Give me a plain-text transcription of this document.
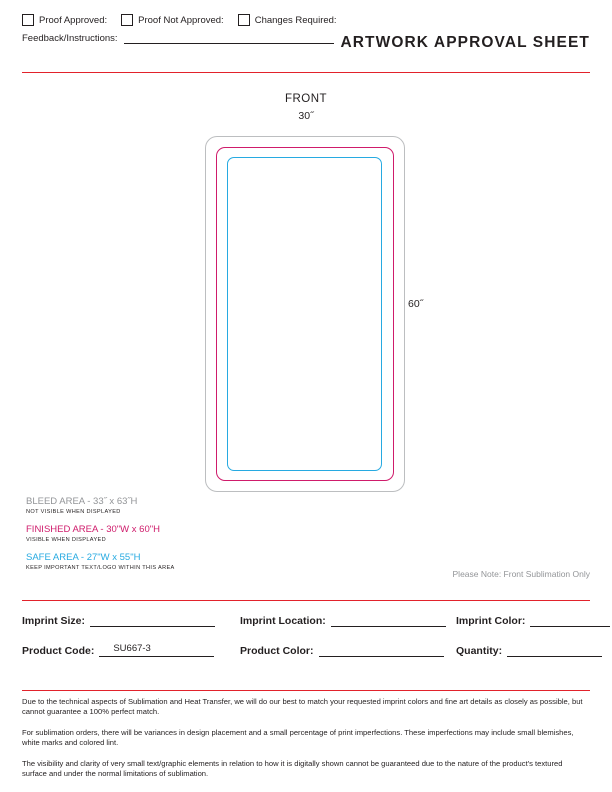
Proof Approved:	Proof Not Approved:	Changes Required:
Feedback/Instructions:	ARTWORK APPROVAL SHEET
FRONT
30˝
60˝
BLEED AREA - 33˝ x 63˝H
NOT VISIBLE WHEN DISPLAYED
FINISHED AREA - 30"W x 60"H
VISIBLE WHEN DISPLAYED
SAFE AREA - 27"W x 55"H
KEEP IMPORTANT TEXT/LOGO WITHIN THIS AREA
Please Note: Front Sublimation Only
Imprint Size:	Imprint Location:	Imprint Color:
Product Code: SU667-3	Product Color:	Quantity:

Due to the technical aspects of Sublimation and Heat Transfer, we will do our best to match your requested imprint colors and fine art details as closely as possible, but cannot guarantee a 100% perfect match.

For sublimation orders, there will be variances in design placement and a small percentage of print imperfections. These imperfections may include small blemishes, white marks and colored lint.

The visibility and clarity of very small text/graphic elements in relation to how it is digitally shown cannot be guaranteed due to the nature of the product's textured surface and under the normal limitations of sublimation.
